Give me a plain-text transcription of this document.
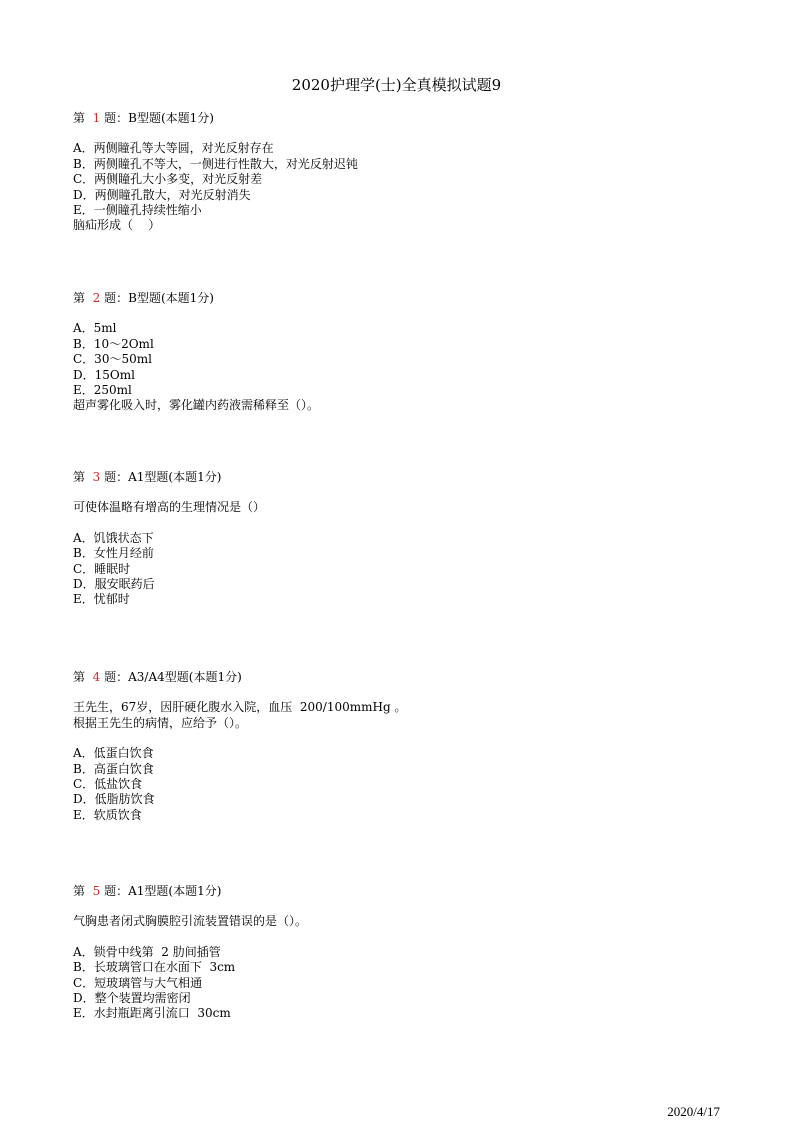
2020护理学(士)全真模拟试题9
第 1 题：B型题(本题1分)
A．两侧瞳孔等大等圆，对光反射存在
B．两侧瞳孔不等大，一侧进行性散大，对光反射迟钝
C．两侧瞳孔大小多变，对光反射差
D．两侧瞳孔散大，对光反射消失
E．一侧瞳孔持续性缩小
脑疝形成（    ）
第 2 题：B型题(本题1分)
A．5ml
B．10～2Oml
C．30～50ml
D．15Oml
E．250ml
超声雾化吸入时，雾化罐内药液需稀释至（）。
第 3 题：A1型题(本题1分)
可使体温略有增高的生理情况是（）
A．饥饿状态下
B．女性月经前
C．睡眠时
D．服安眠药后
E．忧郁时
第 4 题：A3/A4型题(本题1分)
王先生，67岁，因肝硬化腹水入院，血压  200/100mmHg 。
根据王先生的病情，应给予（）。
A．低蛋白饮食
B．高蛋白饮食
C．低盐饮食
D．低脂肪饮食
E．软质饮食
第 5 题：A1型题(本题1分)
气胸患者闭式胸膜腔引流装置错误的是（）。
A．锁骨中线第  2 肋间插管
B．长玻璃管口在水面下  3cm
C．短玻璃管与大气相通
D．整个装置均需密闭
E．水封瓶距离引流口  30cm
2020/4/17
